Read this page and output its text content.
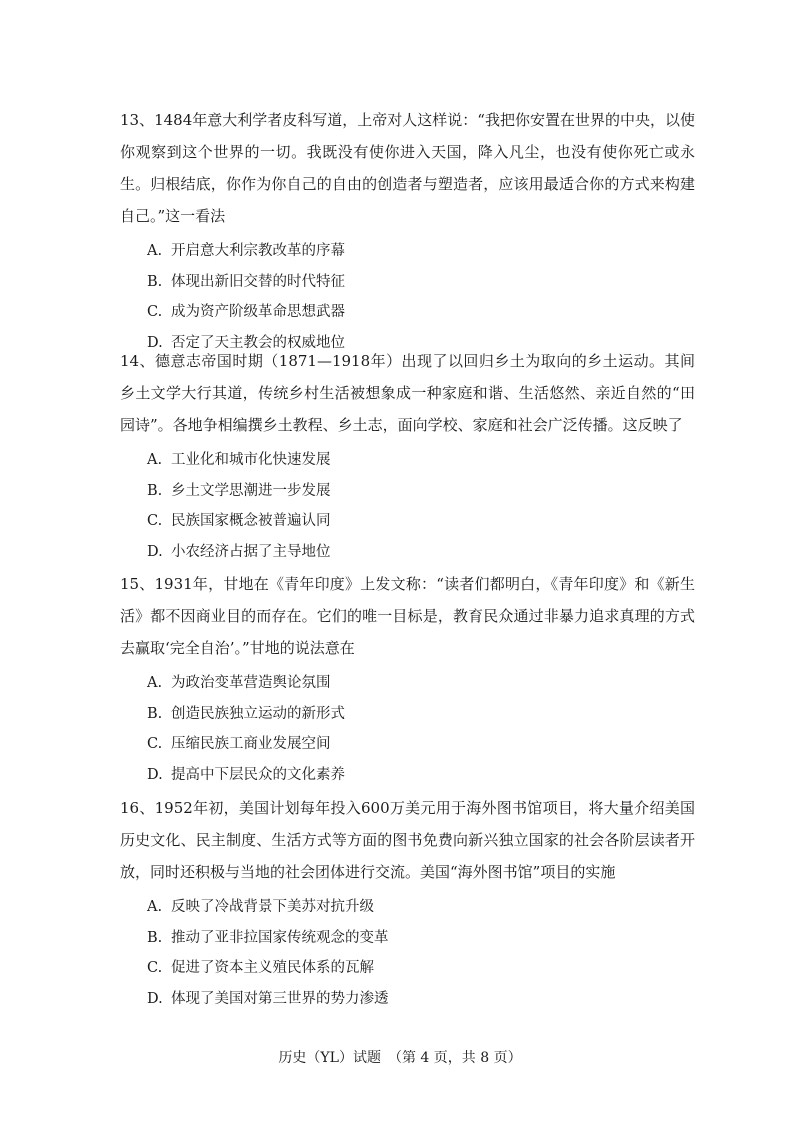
13、1484年意大利学者皮科写道，上帝对人这样说：“我把你安置在世界的中央，以使你观察到这个世界的一切。我既没有使你进入天国，降入凡尘，也没有使你死亡或永生。归根结底，你作为你自己的自由的创造者与塑造者，应该用最适合你的方式来构建自己。”这一看法

A. 开启意大利宗教改革的序幕
B. 体现出新旧交替的时代特征
C. 成为资产阶级革命思想武器
D. 否定了天主教会的权威地位

14、德意志帝国时期（1871—1918年）出现了以回归乡土为取向的乡土运动。其间乡土文学大行其道，传统乡村生活被想象成一种家庭和谐、生活悠然、亲近自然的“田园诗”。各地争相编撰乡土教程、乡土志，面向学校、家庭和社会广泛传播。这反映了

A. 工业化和城市化快速发展
B. 乡土文学思潮进一步发展
C. 民族国家概念被普遍认同
D. 小农经济占据了主导地位

15、1931年，甘地在《青年印度》上发文称：“读者们都明白，《青年印度》和《新生活》都不因商业目的而存在。它们的唯一目标是，教育民众通过非暴力追求真理的方式去赢取‘完全自治’。”甘地的说法意在

A. 为政治变革营造舆论氛围
B. 创造民族独立运动的新形式
C. 压缩民族工商业发展空间
D. 提高中下层民众的文化素养

16、1952年初，美国计划每年投入600万美元用于海外图书馆项目，将大量介绍美国历史文化、民主制度、生活方式等方面的图书免费向新兴独立国家的社会各阶层读者开放，同时还积极与当地的社会团体进行交流。美国“海外图书馆”项目的实施

A. 反映了冷战背景下美苏对抗升级
B. 推动了亚非拉国家传统观念的变革
C. 促进了资本主义殖民体系的瓦解
D. 体现了美国对第三世界的势力渗透
历史（YL）试题　（第 4 页，共 8 页）
